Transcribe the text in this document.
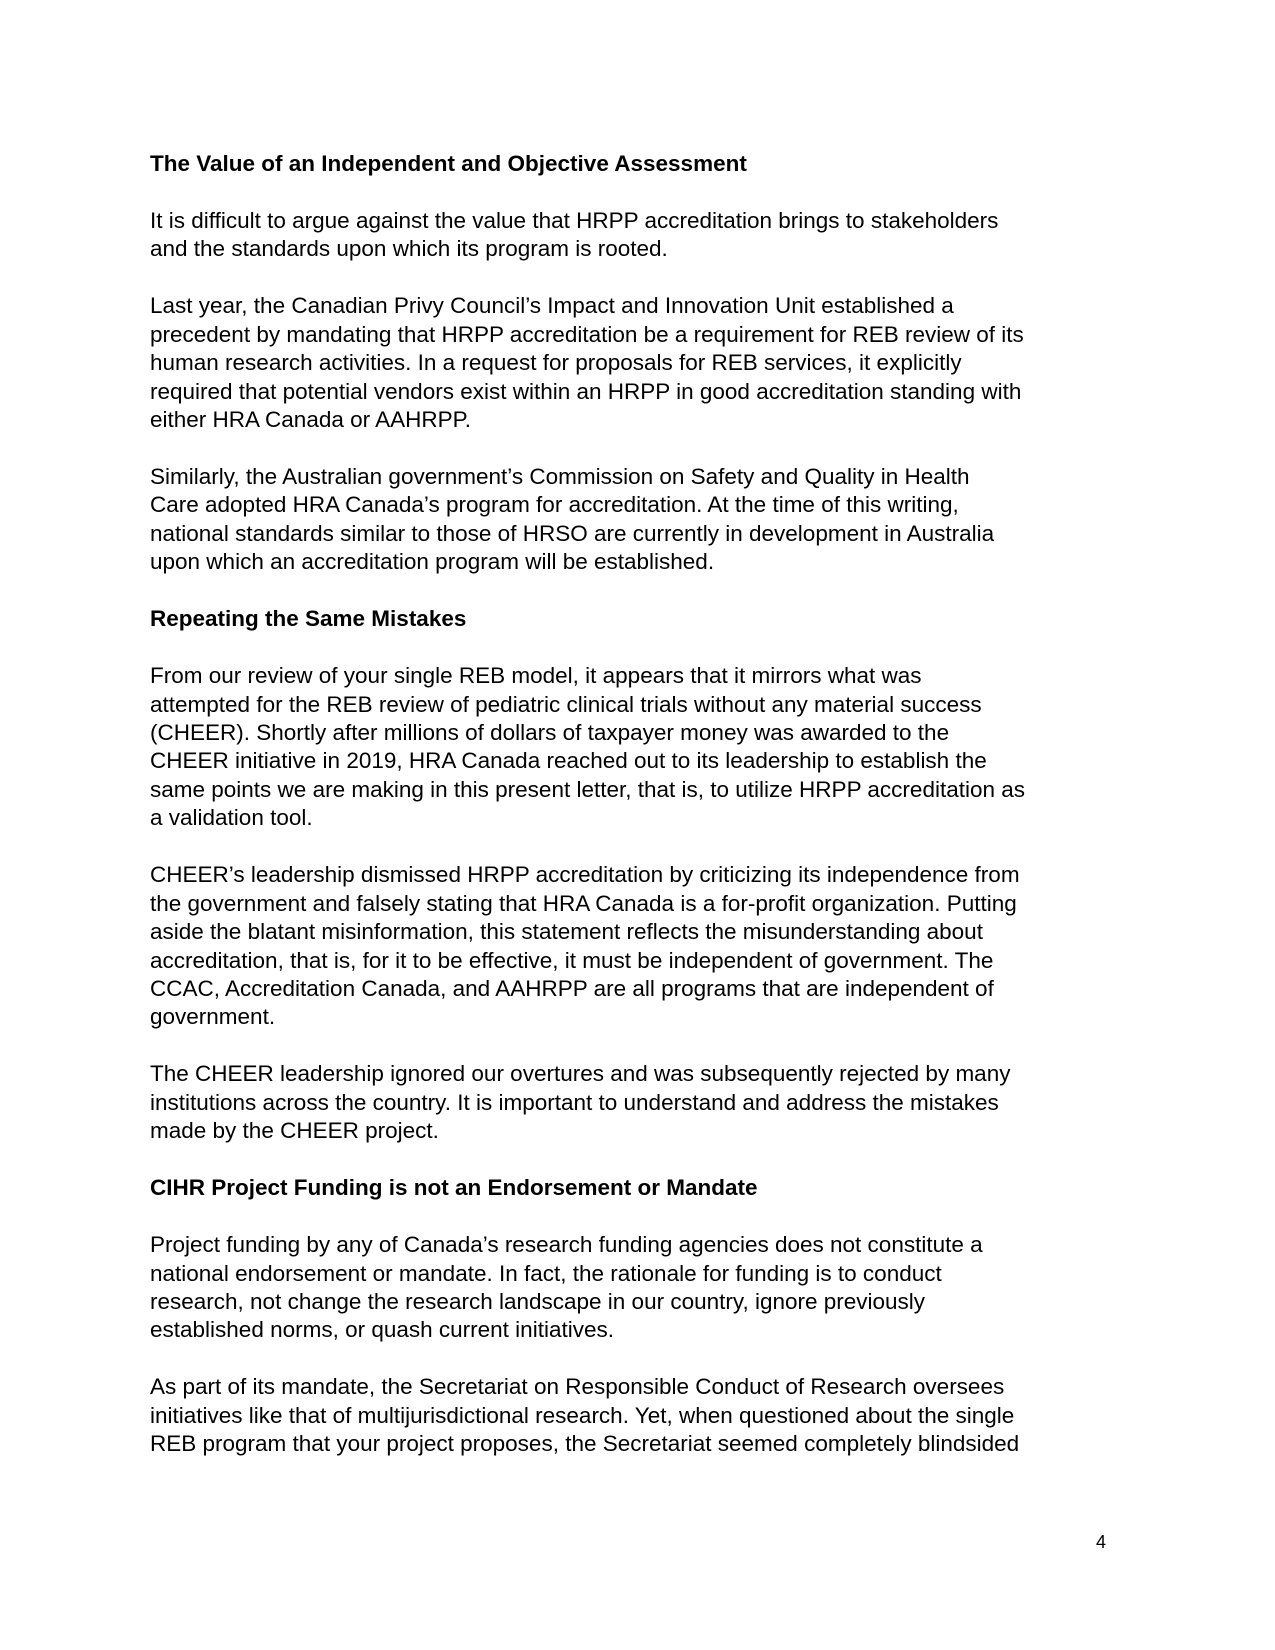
The Value of an Independent and Objective Assessment
It is difficult to argue against the value that HRPP accreditation brings to stakeholders
and the standards upon which its program is rooted.
Last year, the Canadian Privy Council’s Impact and Innovation Unit established a
precedent by mandating that HRPP accreditation be a requirement for REB review of its
human research activities. In a request for proposals for REB services, it explicitly
required that potential vendors exist within an HRPP in good accreditation standing with
either HRA Canada or AAHRPP.
Similarly, the Australian government’s Commission on Safety and Quality in Health
Care adopted HRA Canada’s program for accreditation. At the time of this writing,
national standards similar to those of HRSO are currently in development in Australia
upon which an accreditation program will be established.
Repeating the Same Mistakes
From our review of your single REB model, it appears that it mirrors what was
attempted for the REB review of pediatric clinical trials without any material success
(CHEER). Shortly after millions of dollars of taxpayer money was awarded to the
CHEER initiative in 2019, HRA Canada reached out to its leadership to establish the
same points we are making in this present letter, that is, to utilize HRPP accreditation as
a validation tool.
CHEER’s leadership dismissed HRPP accreditation by criticizing its independence from
the government and falsely stating that HRA Canada is a for-profit organization. Putting
aside the blatant misinformation, this statement reflects the misunderstanding about
accreditation, that is, for it to be effective, it must be independent of government. The
CCAC, Accreditation Canada, and AAHRPP are all programs that are independent of
government.
The CHEER leadership ignored our overtures and was subsequently rejected by many
institutions across the country. It is important to understand and address the mistakes
made by the CHEER project.
CIHR Project Funding is not an Endorsement or Mandate
Project funding by any of Canada’s research funding agencies does not constitute a
national endorsement or mandate. In fact, the rationale for funding is to conduct
research, not change the research landscape in our country, ignore previously
established norms, or quash current initiatives.
As part of its mandate, the Secretariat on Responsible Conduct of Research oversees
initiatives like that of multijurisdictional research. Yet, when questioned about the single
REB program that your project proposes, the Secretariat seemed completely blindsided
4
